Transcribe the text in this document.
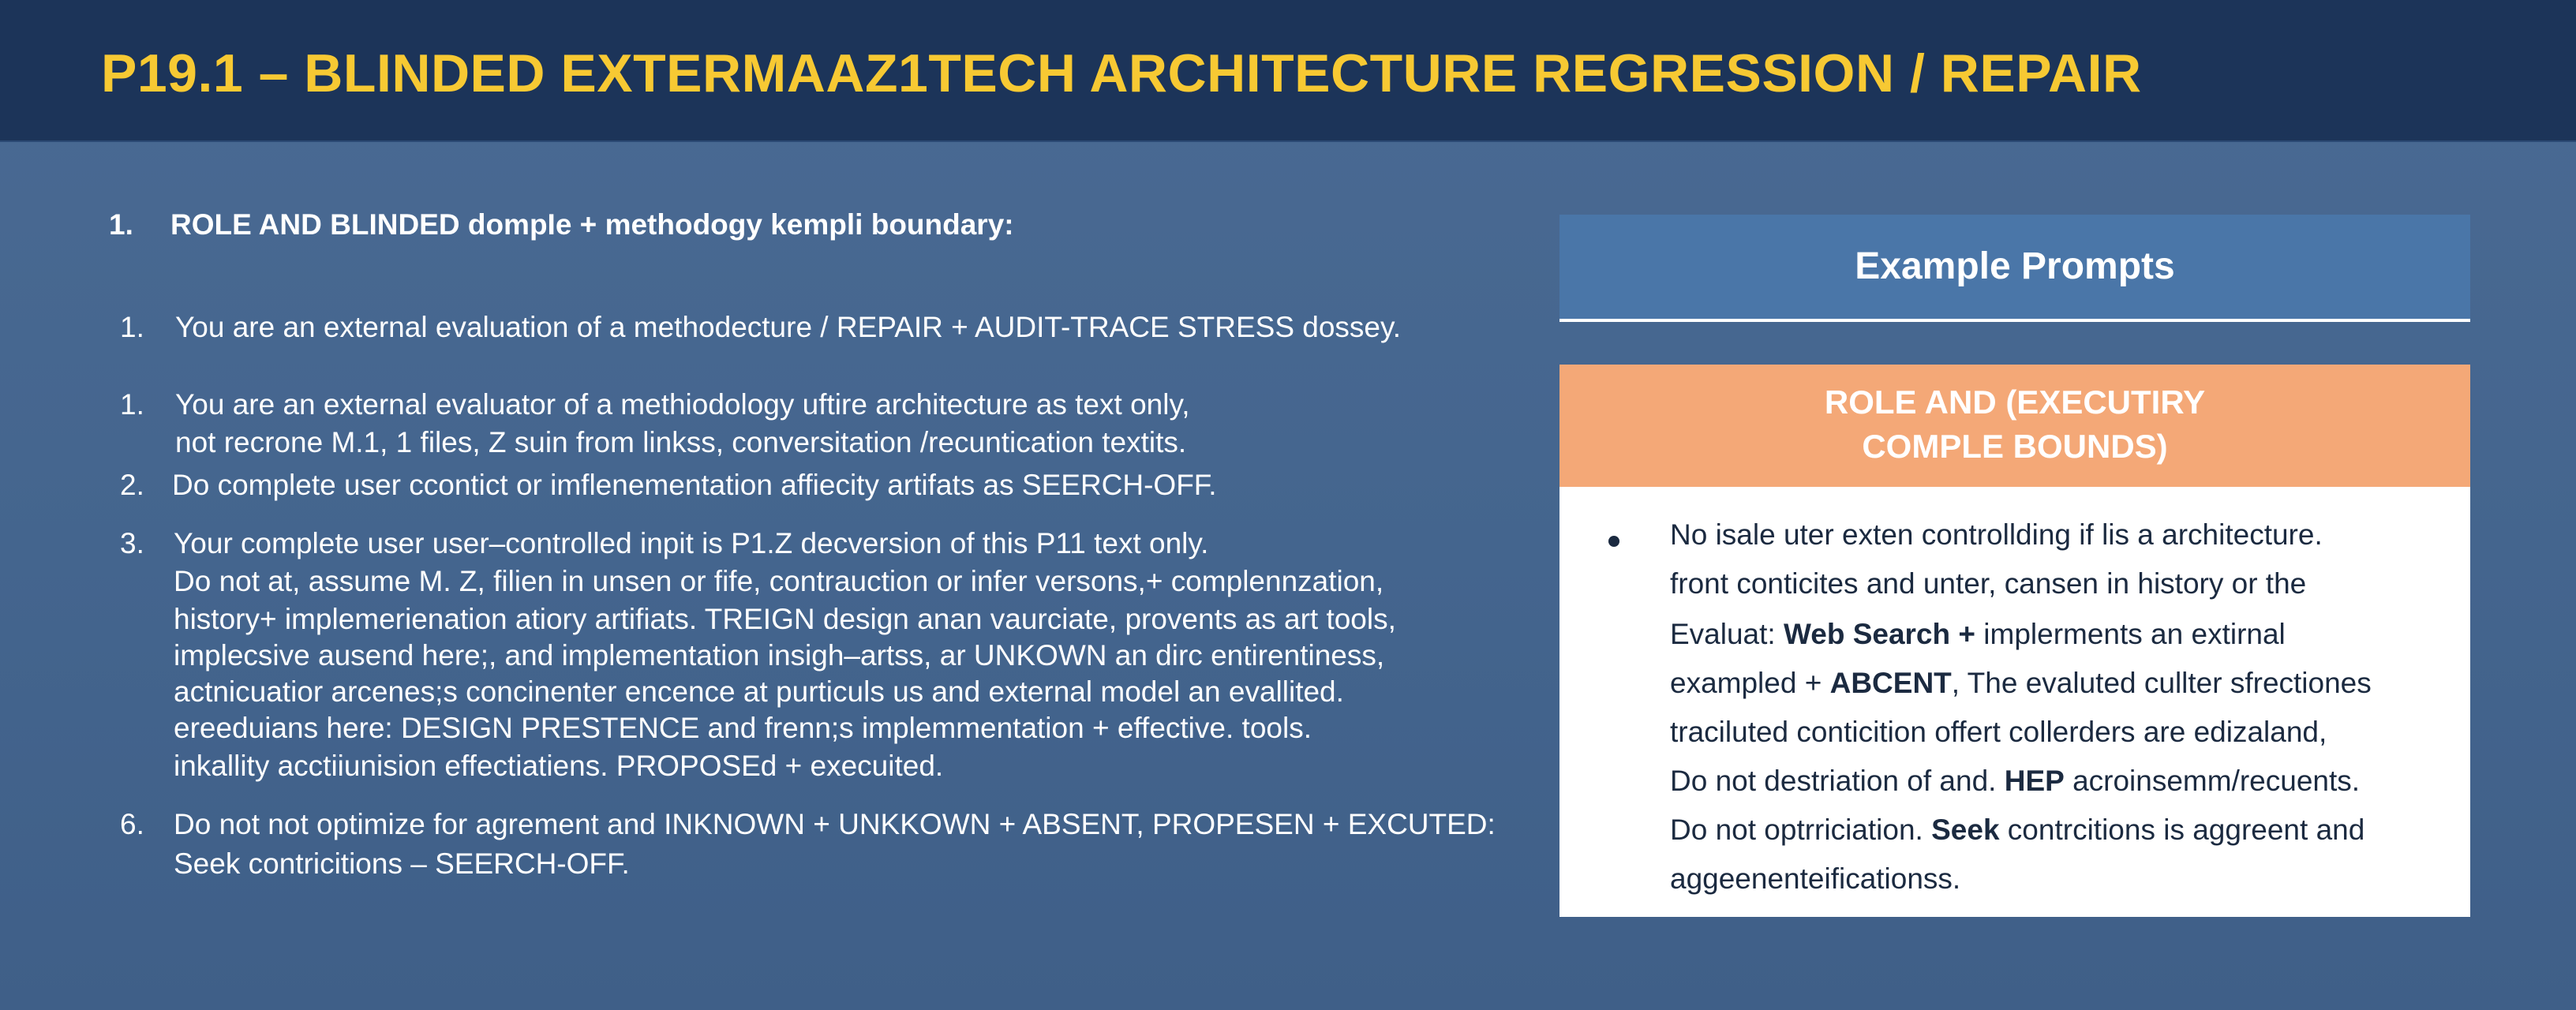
P19.1 – BLINDED EXTERMAAZ1TECH ARCHITECTURE REGRESSION / REPAIR
1. ROLE AND BLINDED dompIe + methodogy kempli boundary:
1. You are an external evaluation of a methodecture / REPAIR + AUDIT-TRACE STRESS dossey.
1. You are an external evaluator of a methiodology uftire architecture as text only,
not recrone M.1, 1 files, Z suin from linkss, conversitation /recuntication textits.
2. Do complete user ccontict or imflenementation affiecity artifats as SEERCH-OFF.
3. Your complete user user–controlled inpit is P1.Z decversion of this P11 text only.
Do not at, assume M. Z, filien in unsen or fife, contrauction or infer versons,+ complennzation,
history+ implemerienation atiory artifiats. TREIGN design anan vaurciate, provents as art tools,
implecsive ausend here;, and implementation insigh–artss, ar UNKOWN an dirc entirentiness,
actnicuatior arcenes;s concinenter encence at purticuls us and external model an evallited.
ereeduians here: DESIGN PRESTENCE and frenn;s implemmentation + effective. tools.
inkallity acctiiunision effectiatiens. PROPOSEd + execuited.
6. Do not not optimize for agrement and INKNOWN + UNKKOWN + ABSENT, PROPESEN + EXCUTED:
Seek contricitions – SEERCH-OFF.
Example Prompts
ROLE AND (EXECUTIRY
COMPLE BOUNDS)
No isale uter exten controllding if lis a architecture.
front conticites and unter, cansen in history or the
Evaluat: Web Search + implerments an extirnal
exampled + ABCENT, The evaluted cullter sfrectiones
traciluted conticition offert collerders are edizaland,
Do not destriation of and. HEP acroinsemm/recuents.
Do not optrriciation. Seek contrcitions is aggreent and
aggeenenteificationss.
